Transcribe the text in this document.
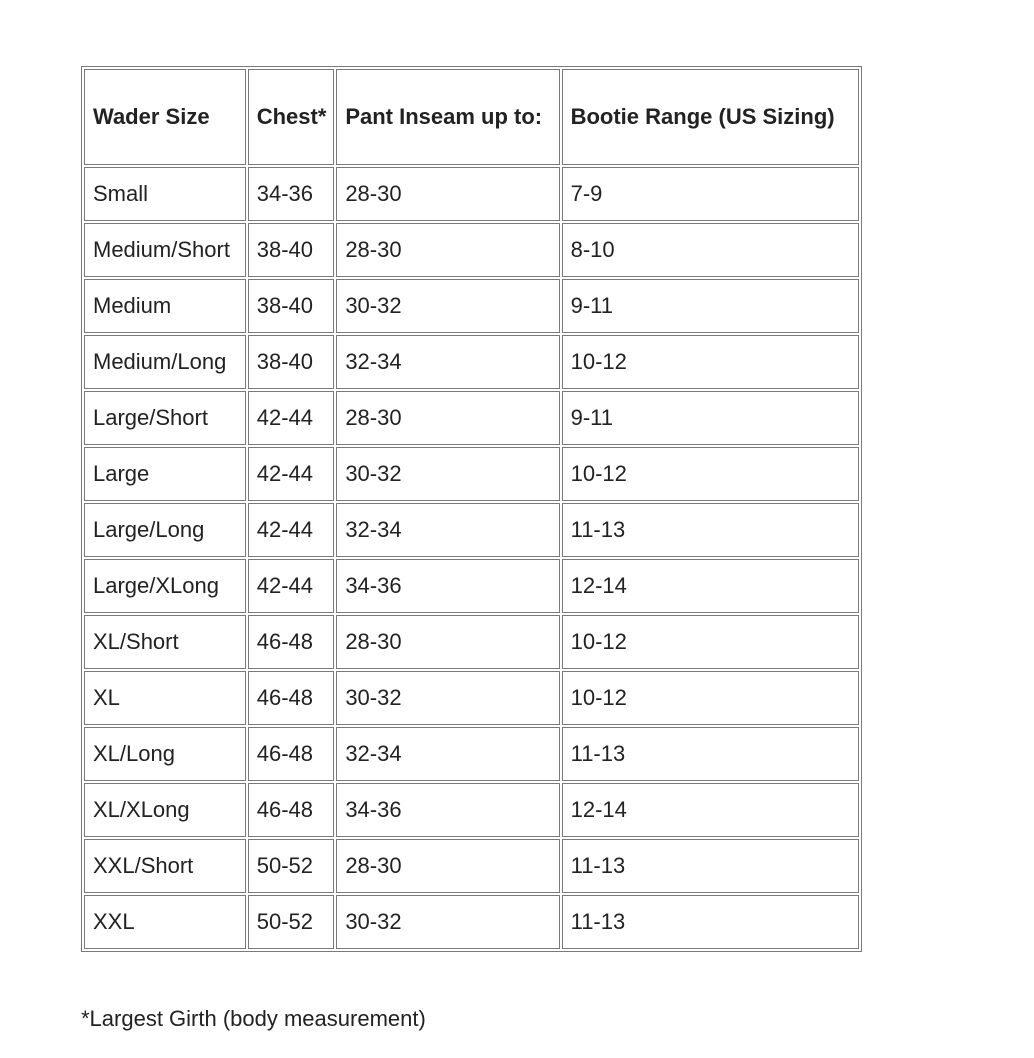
Wader Size	Chest*	Pant Inseam up to:	Bootie Range (US Sizing)
Small	34-36	28-30	7-9
Medium/Short	38-40	28-30	8-10
Medium	38-40	30-32	9-11
Medium/Long	38-40	32-34	10-12
Large/Short	42-44	28-30	9-11
Large	42-44	30-32	10-12
Large/Long	42-44	32-34	11-13
Large/XLong	42-44	34-36	12-14
XL/Short	46-48	28-30	10-12
XL	46-48	30-32	10-12
XL/Long	46-48	32-34	11-13
XL/XLong	46-48	34-36	12-14
XXL/Short	50-52	28-30	11-13
XXL	50-52	30-32	11-13
*Largest Girth (body measurement)
